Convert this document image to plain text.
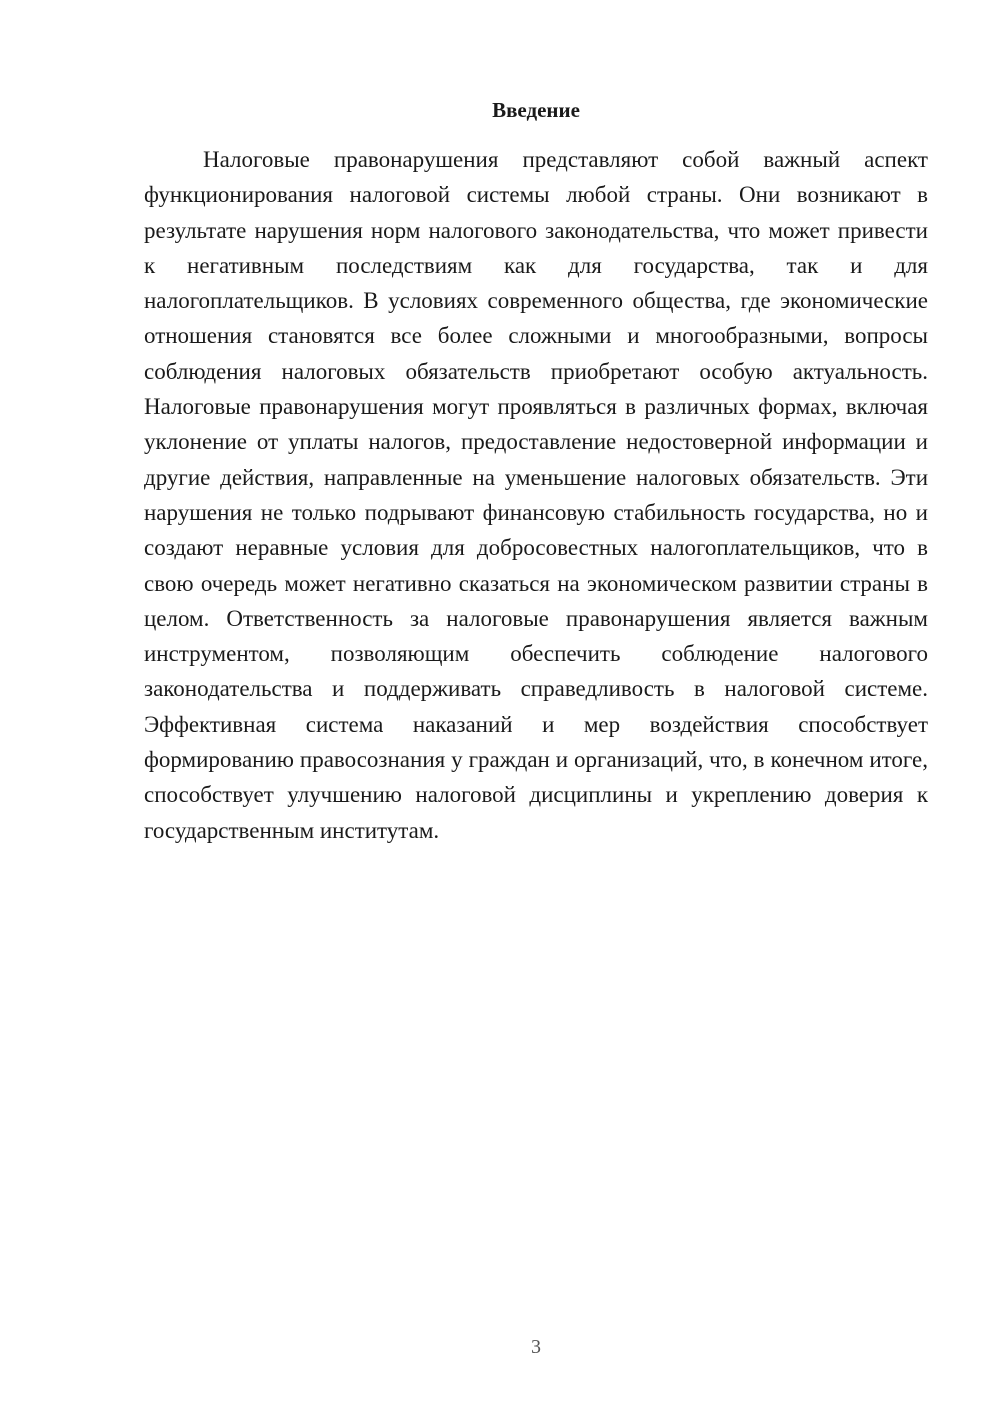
Введение

Налоговые правонарушения представляют собой важный аспект функционирования налоговой системы любой страны. Они возникают в результате нарушения норм налогового законодательства, что может привести к негативным последствиям как для государства, так и для налогоплательщиков. В условиях современного общества, где экономические отношения становятся все более сложными и многообразными, вопросы соблюдения налоговых обязательств приобретают особую актуальность. Налоговые правонарушения могут проявляться в различных формах, включая уклонение от уплаты налогов, предоставление недостоверной информации и другие действия, направленные на уменьшение налоговых обязательств. Эти нарушения не только подрывают финансовую стабильность государства, но и создают неравные условия для добросовестных налогоплательщиков, что в свою очередь может негативно сказаться на экономическом развитии страны в целом. Ответственность за налоговые правонарушения является важным инструментом, позволяющим обеспечить соблюдение налогового законодательства и поддерживать справедливость в налоговой системе. Эффективная система наказаний и мер воздействия способствует формированию правосознания у граждан и организаций, что, в конечном итоге, способствует улучшению налоговой дисциплины и укреплению доверия к государственным институтам.

3
